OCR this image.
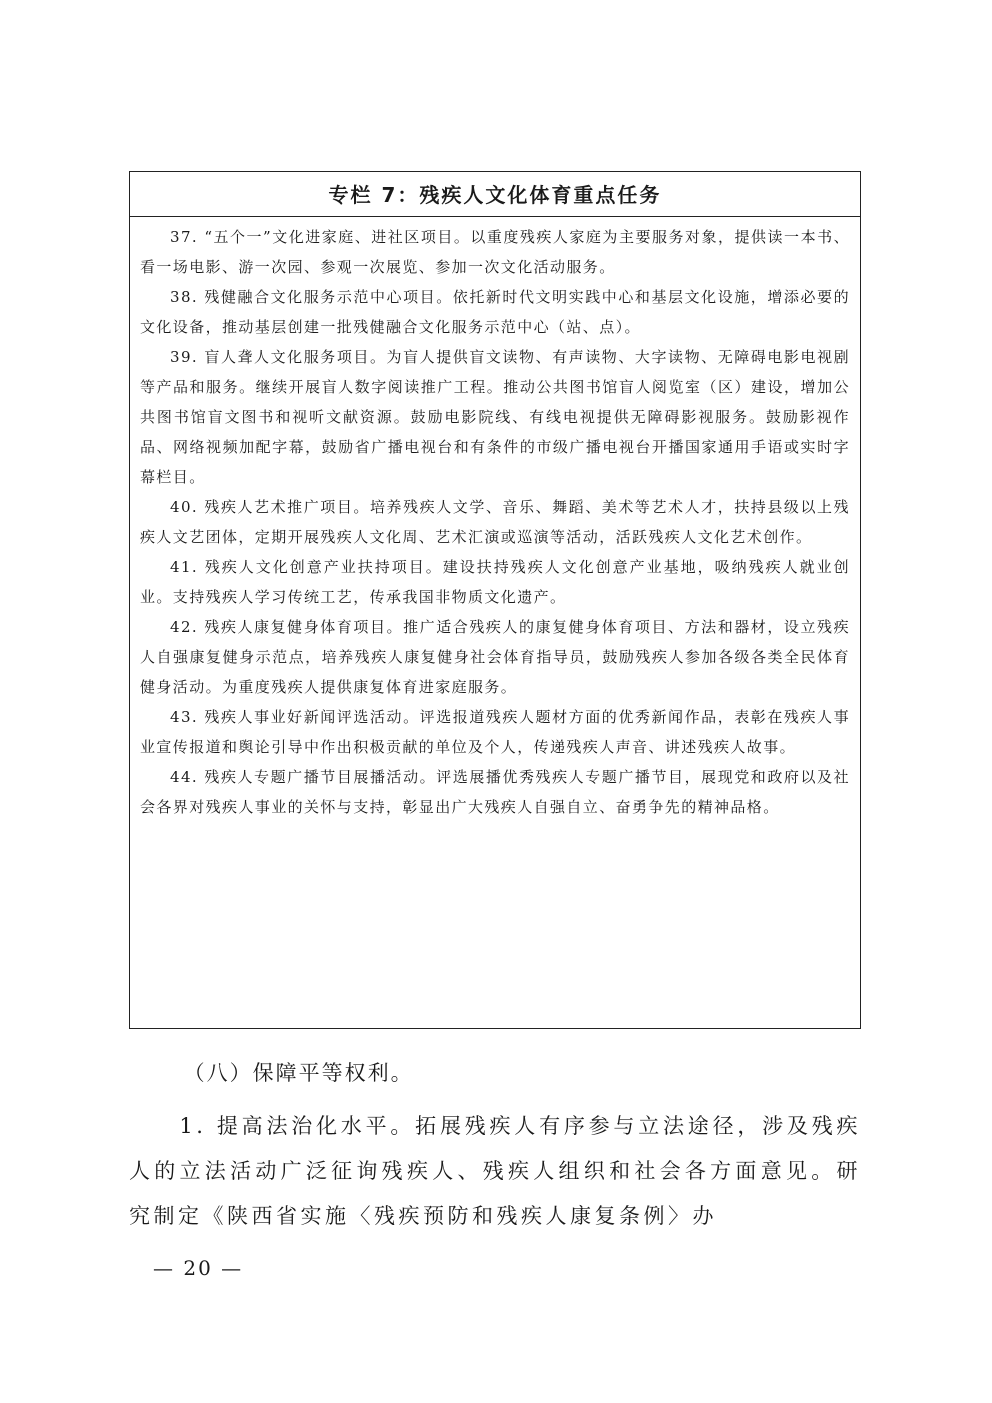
专栏 7：残疾人文化体育重点任务

37. “五个一”文化进家庭、进社区项目。以重度残疾人家庭为主要服务对象，提供读一本书、看一场电影、游一次园、参观一次展览、参加一次文化活动服务。

38. 残健融合文化服务示范中心项目。依托新时代文明实践中心和基层文化设施，增添必要的文化设备，推动基层创建一批残健融合文化服务示范中心（站、点）。

39. 盲人聋人文化服务项目。为盲人提供盲文读物、有声读物、大字读物、无障碍电影电视剧等产品和服务。继续开展盲人数字阅读推广工程。推动公共图书馆盲人阅览室（区）建设，增加公共图书馆盲文图书和视听文献资源。鼓励电影院线、有线电视提供无障碍影视服务。鼓励影视作品、网络视频加配字幕，鼓励省广播电视台和有条件的市级广播电视台开播国家通用手语或实时字幕栏目。

40. 残疾人艺术推广项目。培养残疾人文学、音乐、舞蹈、美术等艺术人才，扶持县级以上残疾人文艺团体，定期开展残疾人文化周、艺术汇演或巡演等活动，活跃残疾人文化艺术创作。

41. 残疾人文化创意产业扶持项目。建设扶持残疾人文化创意产业基地，吸纳残疾人就业创业。支持残疾人学习传统工艺，传承我国非物质文化遗产。

42. 残疾人康复健身体育项目。推广适合残疾人的康复健身体育项目、方法和器材，设立残疾人自强康复健身示范点，培养残疾人康复健身社会体育指导员，鼓励残疾人参加各级各类全民体育健身活动。为重度残疾人提供康复体育进家庭服务。

43. 残疾人事业好新闻评选活动。评选报道残疾人题材方面的优秀新闻作品，表彰在残疾人事业宣传报道和舆论引导中作出积极贡献的单位及个人，传递残疾人声音、讲述残疾人故事。

44. 残疾人专题广播节目展播活动。评选展播优秀残疾人专题广播节目，展现党和政府以及社会各界对残疾人事业的关怀与支持，彰显出广大残疾人自强自立、奋勇争先的精神品格。

（八）保障平等权利。

1. 提高法治化水平。拓展残疾人有序参与立法途径，涉及残疾人的立法活动广泛征询残疾人、残疾人组织和社会各方面意见。研究制定《陕西省实施〈残疾预防和残疾人康复条例〉办

— 20 —
